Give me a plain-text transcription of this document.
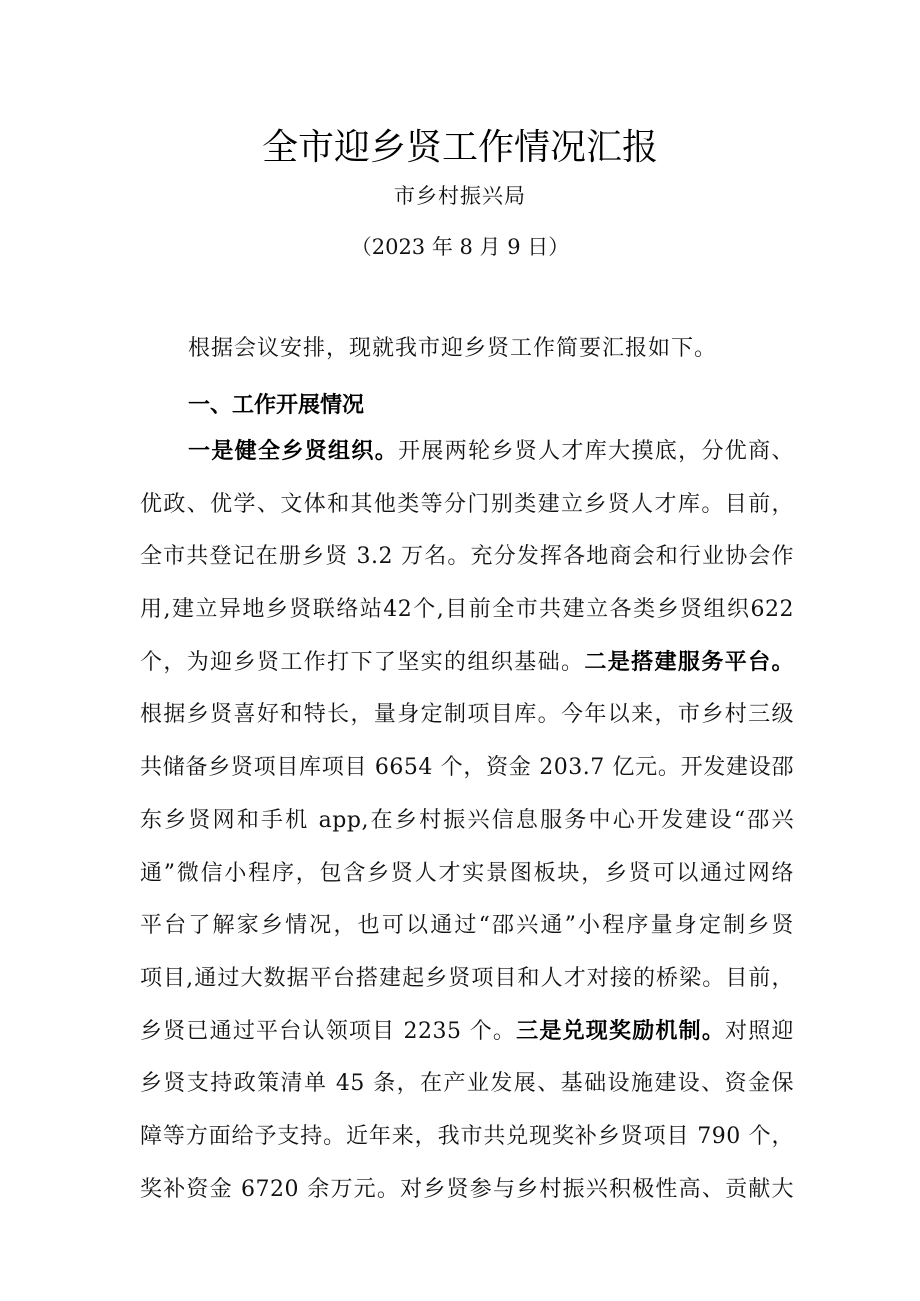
全市迎乡贤工作情况汇报
市乡村振兴局
（2023 年 8 月 9 日）
根据会议安排，现就我市迎乡贤工作简要汇报如下。
一、工作开展情况
一是健全乡贤组织。开展两轮乡贤人才库大摸底，分优商、
优政、优学、文体和其他类等分门别类建立乡贤人才库。目前，
全市共登记在册乡贤 3.2 万名。充分发挥各地商会和行业协会作
用,建立异地乡贤联络站42个,目前全市共建立各类乡贤组织622
个，为迎乡贤工作打下了坚实的组织基础。二是搭建服务平台。
根据乡贤喜好和特长，量身定制项目库。今年以来，市乡村三级
共储备乡贤项目库项目 6654 个，资金 203.7 亿元。开发建设邵
东乡贤网和手机 app,在乡村振兴信息服务中心开发建设“邵兴
通”微信小程序，包含乡贤人才实景图板块，乡贤可以通过网络
平台了解家乡情况，也可以通过“邵兴通”小程序量身定制乡贤
项目,通过大数据平台搭建起乡贤项目和人才对接的桥梁。目前，
乡贤已通过平台认领项目 2235 个。三是兑现奖励机制。对照迎
乡贤支持政策清单 45 条，在产业发展、基础设施建设、资金保
障等方面给予支持。近年来，我市共兑现奖补乡贤项目 790 个，
奖补资金 6720 余万元。对乡贤参与乡村振兴积极性高、贡献大
